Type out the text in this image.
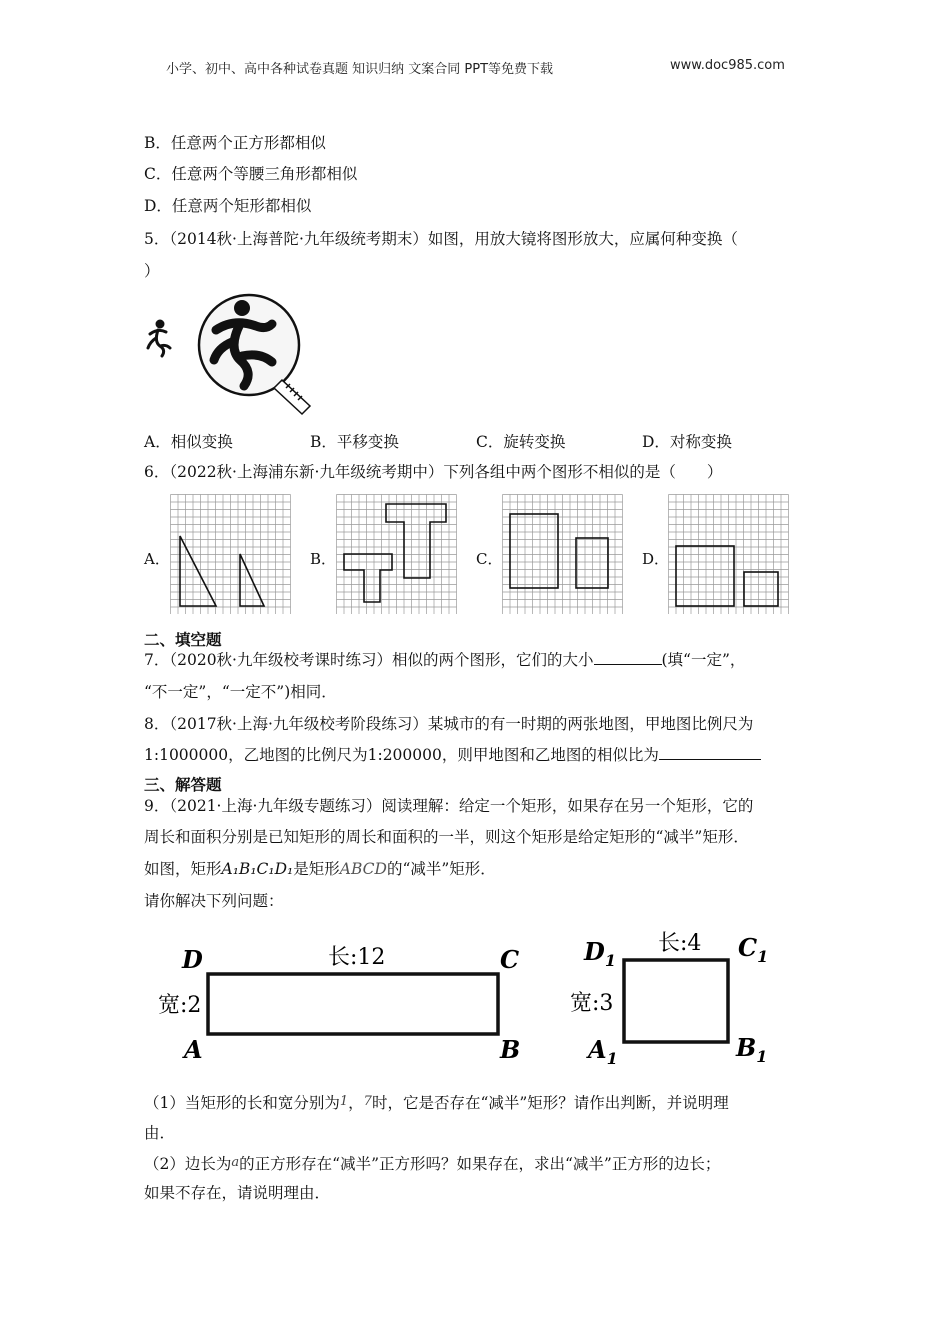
小学、初中、高中各种试卷真题 知识归纳 文案合同 PPT等免费下载	www.doc985.com
B．任意两个正方形都相似
C．任意两个等腰三角形都相似
D．任意两个矩形都相似
5．（2014秋·上海普陀·九年级统考期末）如图，用放大镜将图形放大，应属何种变换（
）
A．相似变换	B．平移变换	C．旋转变换	D．对称变换
6．（2022秋·上海浦东新·九年级统考期中）下列各组中两个图形不相似的是（　　）
A．	B．	C．	D．
二、填空题
7．（2020秋·九年级校考课时练习）相似的两个图形，它们的大小	(填“一定”，
“不一定”，“一定不”)相同．
8．（2017秋·上海·九年级校考阶段练习）某城市的有一时期的两张地图，甲地图比例尺为
1:1000000，乙地图的比例尺为1:200000，则甲地图和乙地图的相似比为
三、解答题
9．（2021·上海·九年级专题练习）阅读理解：给定一个矩形，如果存在另一个矩形，它的
周长和面积分别是已知矩形的周长和面积的一半，则这个矩形是给定矩形的“减半”矩形．
如图，矩形A₁B₁C₁D₁是矩形ABCD的“减半”矩形．
请你解决下列问题：
D	C
A	B
长:12
宽:2
$D_1$	$C_1$
$A_1$	$B_1$
长:4
宽:3
（1）当矩形的长和宽分别为1，7时，它是否存在“减半”矩形？请作出判断，并说明理
由．
（2）边长为a的正方形存在“减半”正方形吗？如果存在，求出“减半”正方形的边长；
如果不存在，请说明理由．
